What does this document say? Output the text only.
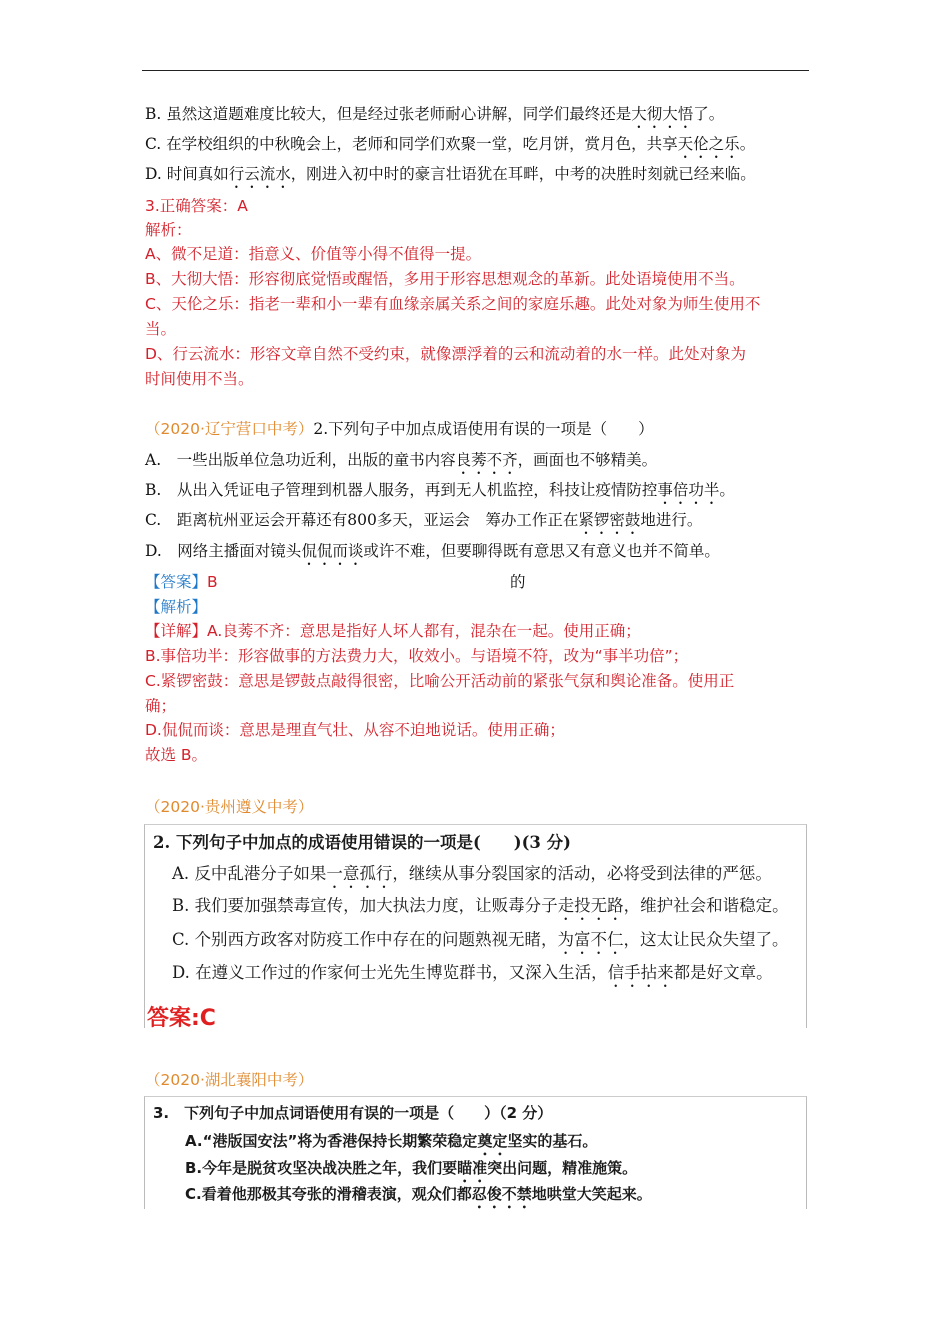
B. 虽然这道题难度比较大，但是经过张老师耐心讲解，同学们最终还是大彻大悟了。
C. 在学校组织的中秋晚会上，老师和同学们欢聚一堂，吃月饼，赏月色，共享天伦之乐。
D. 时间真如行云流水，刚进入初中时的豪言壮语犹在耳畔，中考的决胜时刻就已经来临。
3.正确答案：A
解析：
A、微不足道：指意义、价值等小得不值得一提。
B、大彻大悟：形容彻底觉悟或醒悟，多用于形容思想观念的革新。此处语境使用不当。
C、天伦之乐：指老一辈和小一辈有血缘亲属关系之间的家庭乐趣。此处对象为师生使用不
当。
D、行云流水：形容文章自然不受约束，就像漂浮着的云和流动着的水一样。此处对象为
时间使用不当。
（2020·辽宁营口中考）2.下列句子中加点成语使用有误的一项是（　　）
A.　一些出版单位急功近利，出版的童书内容良莠不齐，画面也不够精美。
B.　从出入凭证电子管理到机器人服务，再到无人机监控，科技让疫情防控事倍功半。
C.　距离杭州亚运会开幕还有800多天，亚运会　筹办工作正在紧锣密鼓地进行。
D.　网络主播面对镜头侃侃而谈或许不难，但要聊得既有意思又有意义也并不简单。
【答案】B	的
【解析】
【详解】A.良莠不齐：意思是指好人坏人都有，混杂在一起。使用正确；
B.事倍功半：形容做事的方法费力大，收效小。与语境不符，改为“事半功倍”；
C.紧锣密鼓：意思是锣鼓点敲得很密，比喻公开活动前的紧张气氛和舆论准备。使用正
确；
D.侃侃而谈：意思是理直气壮、从容不迫地说话。使用正确；
故选 B。
（2020·贵州遵义中考）
2. 下列句子中加点的成语使用错误的一项是(　　)(3 分)
A. 反中乱港分子如果一意孤行，继续从事分裂国家的活动，必将受到法律的严惩。
B. 我们要加强禁毒宣传，加大执法力度，让贩毒分子走投无路，维护社会和谐稳定。
C. 个别西方政客对防疫工作中存在的问题熟视无睹，为富不仁，这太让民众失望了。
D. 在遵义工作过的作家何士光先生博览群书，又深入生活，信手拈来都是好文章。
答案:C
（2020·湖北襄阳中考）
3.　下列句子中加点词语使用有误的一项是（　　）（2 分）
A.“港版国安法”将为香港保持长期繁荣稳定奠定坚实的基石。
B.今年是脱贫攻坚决战决胜之年，我们要瞄准突出问题，精准施策。
C.看着他那极其夸张的滑稽表演，观众们都忍俊不禁地哄堂大笑起来。
